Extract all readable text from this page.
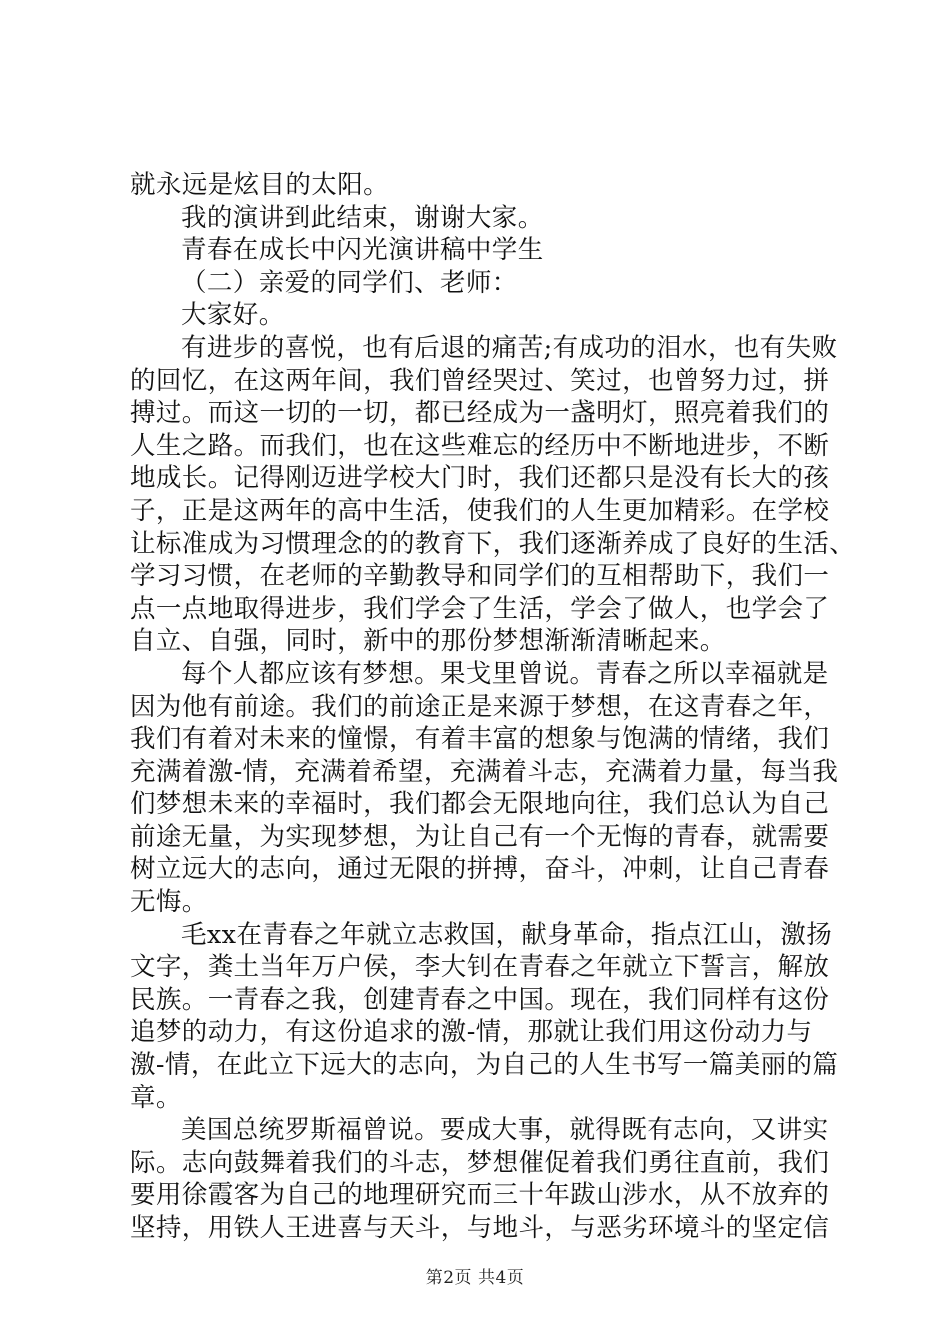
就永远是炫目的太阳。
我的演讲到此结束，谢谢大家。
青春在成长中闪光演讲稿中学生
（二）亲爱的同学们、老师：
大家好。
有进步的喜悦，也有后退的痛苦;有成功的泪水，也有失败
的回忆，在这两年间，我们曾经哭过、笑过，也曾努力过，拼
搏过。而这一切的一切，都已经成为一盏明灯，照亮着我们的
人生之路。而我们，也在这些难忘的经历中不断地进步，不断
地成长。记得刚迈进学校大门时，我们还都只是没有长大的孩
子，正是这两年的高中生活，使我们的人生更加精彩。在学校
让标准成为习惯理念的的教育下，我们逐渐养成了良好的生活、
学习习惯，在老师的辛勤教导和同学们的互相帮助下，我们一
点一点地取得进步，我们学会了生活，学会了做人，也学会了
自立、自强，同时，新中的那份梦想渐渐清晰起来。
每个人都应该有梦想。果戈里曾说。青春之所以幸福就是
因为他有前途。我们的前途正是来源于梦想，在这青春之年，
我们有着对未来的憧憬，有着丰富的想象与饱满的情绪，我们
充满着激-情，充满着希望，充满着斗志，充满着力量，每当我
们梦想未来的幸福时，我们都会无限地向往，我们总认为自己
前途无量，为实现梦想，为让自己有一个无悔的青春，就需要
树立远大的志向，通过无限的拼搏，奋斗，冲刺，让自己青春
无悔。
毛xx在青春之年就立志救国，献身革命，指点江山，激扬
文字，粪土当年万户侯，李大钊在青春之年就立下誓言，解放
民族。一青春之我，创建青春之中国。现在，我们同样有这份
追梦的动力，有这份追求的激-情，那就让我们用这份动力与
激-情，在此立下远大的志向，为自己的人生书写一篇美丽的篇
章。
美国总统罗斯福曾说。要成大事，就得既有志向，又讲实
际。志向鼓舞着我们的斗志，梦想催促着我们勇往直前，我们
要用徐霞客为自己的地理研究而三十年跋山涉水，从不放弃的
坚持，用铁人王进喜与天斗，与地斗，与恶劣环境斗的坚定信
第2页 共4页
